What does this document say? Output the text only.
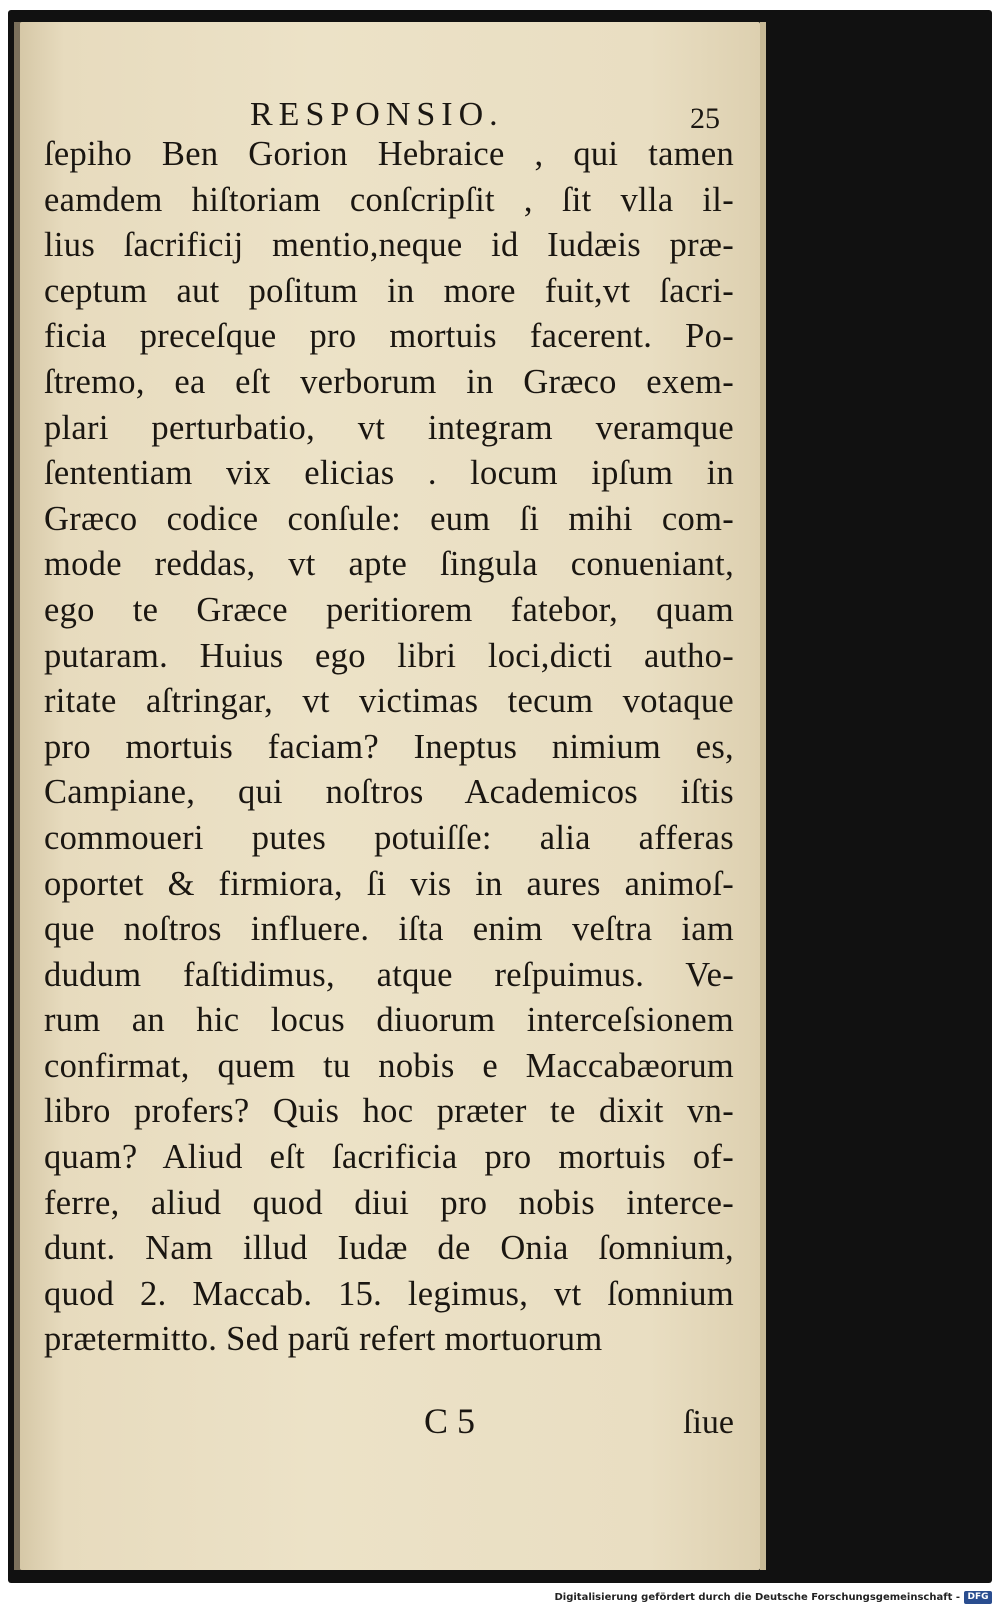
RESPONSIO.	25
ſepiho Ben Gorion Hebraice , qui tamen
eamdem hiſtoriam conſcripſit , ſit vlla il-
lius ſacrificij mentio,neque id Iudæis præ-
ceptum aut poſitum in more fuit,vt ſacri-
ficia preceſque pro mortuis facerent. Po-
ſtremo, ea eſt verborum in Græco exem-
plari perturbatio, vt integram veramque
ſententiam vix elicias . locum ipſum in
Græco codice conſule: eum ſi mihi com-
mode reddas, vt apte ſingula conueniant,
ego te Græce peritiorem fatebor, quam
putaram. Huius ego libri loci,dicti autho-
ritate aſtringar, vt victimas tecum votaque
pro mortuis faciam? Ineptus nimium es,
Campiane, qui noſtros Academicos iſtis
commoueri putes potuiſſe: alia afferas
oportet & firmiora, ſi vis in aures animoſ-
que noſtros influere. iſta enim veſtra iam
dudum faſtidimus, atque reſpuimus. Ve-
rum an hic locus diuorum interceſsionem
confirmat, quem tu nobis e Maccabæorum
libro profers? Quis hoc præter te dixit vn-
quam? Aliud eſt ſacrificia pro mortuis of-
ferre, aliud quod diui pro nobis interce-
dunt. Nam illud Iudæ de Onia ſomnium,
quod 2. Maccab. 15. legimus, vt ſomnium
prætermitto. Sed parũ refert mortuorum
C 5	ſiue
Digitalisierung gefördert durch die Deutsche Forschungsgemeinschaft - DFG
